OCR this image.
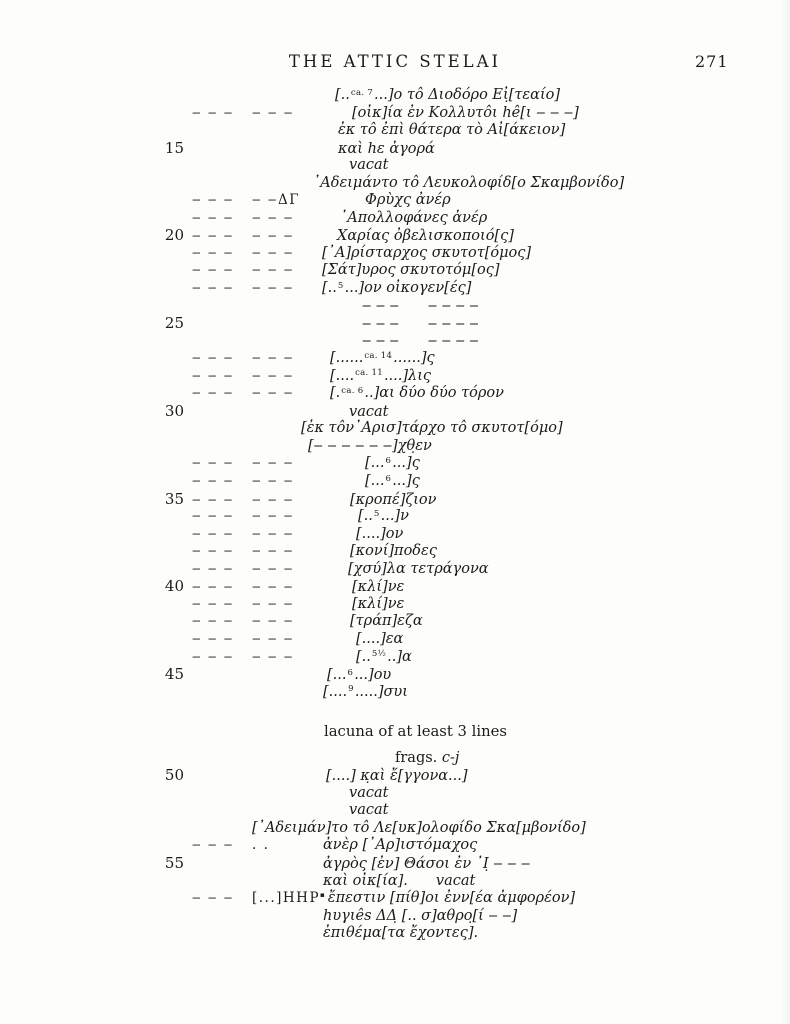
THE ATTIC STELAI	271
[..$^{ca. 7}$...]ο τô Διοδόρο Εἰ̣[τεαίο]
‒ ‒ ‒	‒ ‒ ‒	[οἰκ]ία ἐν Κολλυτôι hê[ι ‒ ‒ ‒]
ἐκ τô ἐπὶ θάτερα τὸ Αἰ[άκειον]
15	καὶ hε ἀγορά
vacat
᾿Αδειμάντο τô Λευκολοφίδ[ο Σκαμβονίδο]
‒ ‒ ‒	‒ ‒ΔΓ	Φρὺχς ἀνέρ
‒ ‒ ‒	‒ ‒ ‒	᾿Απολλοφάνες ἀνέρ
20 ‒ ‒ ‒	‒ ‒ ‒	Χαρίας ὀβελισκοποιό[ς]
‒ ‒ ‒	‒ ‒ ‒	[᾿Α]ρίσταρχος σκυτοτ[όμος]
‒ ‒ ‒	‒ ‒ ‒	[Σάτ]υρος σκυτοτόμ[ος]
‒ ‒ ‒	‒ ‒ ‒	[..$^5$...]ον οἰκογεν[ές]
‒ ‒ ‒  ‒ ‒ ‒ ‒
25	‒ ‒ ‒  ‒ ‒ ‒ ‒
‒ ‒ ‒  ‒ ‒ ‒ ‒
‒ ‒ ‒	‒ ‒ ‒	[......$^{ca. 14}$......]ς
‒ ‒ ‒	‒ ‒ ‒	[....$^{ca. 11}$....]λις
‒ ‒ ‒	‒ ‒ ‒	[.$^{ca. 6}$..]αι δύο δύο τόρον
30	vacat
[ἐκ τôν᾿Αρισ]τάρχο τô σκυτοτ[όμο]
[‒ ‒ ‒ ‒ ‒ ‒]χθ̣εν
‒ ‒ ‒	‒ ‒ ‒	[...$^6$...]ς
‒ ‒ ‒	‒ ‒ ‒	[...$^6$...]ς
35 ‒ ‒ ‒	‒ ‒ ‒	[κροπέ]ζιον
‒ ‒ ‒	‒ ‒ ‒	[..$^5$...]ν
‒ ‒ ‒	‒ ‒ ‒	[....]ον
‒ ‒ ‒	‒ ‒ ‒	[κονί]ποδες
‒ ‒ ‒	‒ ‒ ‒	[χσύ]λα τετράγονα
40 ‒ ‒ ‒	‒ ‒ ‒	[κλί]νε
‒ ‒ ‒	‒ ‒ ‒	[κλί]νε
‒ ‒ ‒	‒ ‒ ‒	[τράπ]εζα
‒ ‒ ‒	‒ ‒ ‒	[....]εα
‒ ‒ ‒	‒ ‒ ‒	[..$^{5\frac{1}{2}}$..]α
45	[...$^6$...]ου
[....$^9$.....]συι
lacuna of at least 3 lines
frags. c-j
50	[....] κ̣αὶ ἔ[γγονα...]
vacat
vacat
[᾿Αδειμάν]το τô Λε[υκ]ολοφίδο Σκα[μβονίδο]
‒ ‒ ‒	. .	ἀνὲρ [᾿Αρ]ιστόμαχος
55	ἀγρὸς [ἐν] Θάσοι ἐν ᾿Ι̣ ‒ ‒ ‒
καὶ οἰκ[ία]. vacat
‒ ‒ ‒	[...]ΗΗΡ▪ ἔπεστιν [πίθ]οι ἐνν[έα ἀμφορέον]
hυγιês ΔΔ̣ [.. σ]αθρο̣[ί ‒ ‒]
ἐπιθέμα[τα ἔχοντες].
